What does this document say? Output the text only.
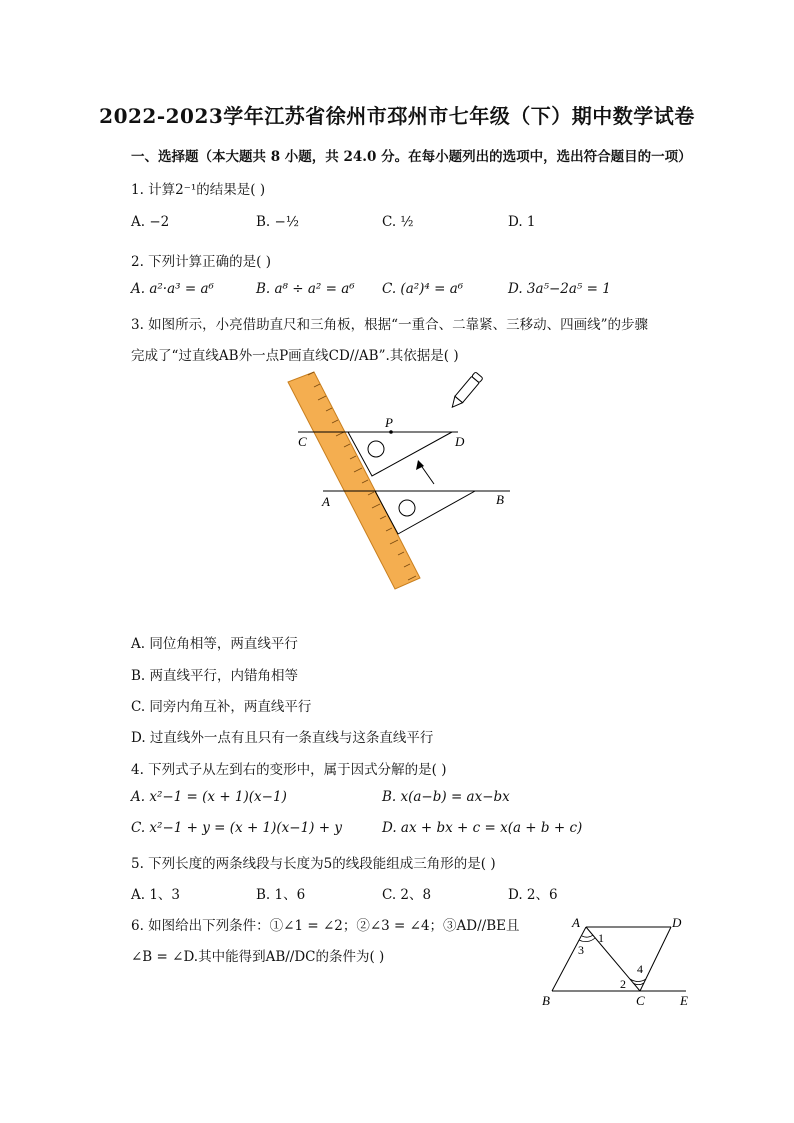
2022-2023学年江苏省徐州市邳州市七年级（下）期中数学试卷
一、选择题（本大题共 8 小题，共 24.0 分。在每小题列出的选项中，选出符合题目的一项）
1. 计算2⁻¹的结果是( )
A. −2	B. −½	C. ½	D. 1
2. 下列计算正确的是( )
A. a²·a³ = a⁶	B. a⁸ ÷ a² = a⁶ C. (a²)⁴ = a⁶	D. 3a⁵−2a⁵ = 1
3. 如图所示，小亮借助直尺和三角板，根据“一重合、二靠紧、三移动、四画线”的步骤
完成了“过直线AB外一点P画直线CD//AB”.其依据是( )
P
C	D
A	B
A. 同位角相等，两直线平行
B. 两直线平行，内错角相等
C. 同旁内角互补，两直线平行
D. 过直线外一点有且只有一条直线与这条直线平行
4. 下列式子从左到右的变形中，属于因式分解的是( )
A. x²−1 = (x + 1)(x−1)	B. x(a−b) = ax−bx
C. x²−1 + y = (x + 1)(x−1) + y	D. ax + bx + c = x(a + b + c)
5. 下列长度的两条线段与长度为5的线段能组成三角形的是( )
A. 1、3	B. 1、6	C. 2、8	D. 2、6
6. 如图给出下列条件：①∠1 = ∠2；②∠3 = ∠4；③AD//BE且
∠B = ∠D.其中能得到AB//DC的条件为( )
A	D
B	C	E
1
3
4
2
